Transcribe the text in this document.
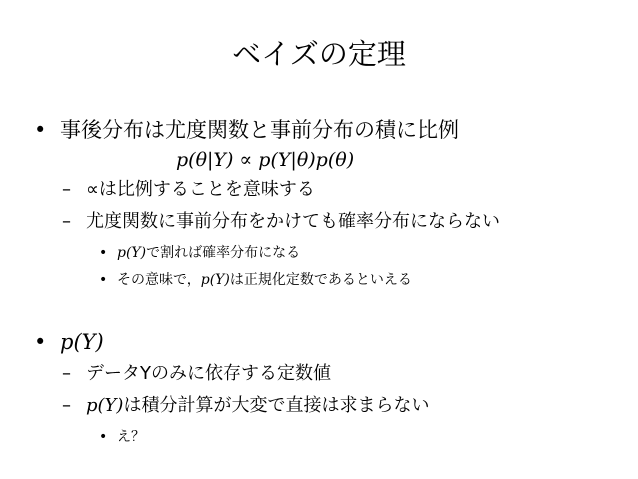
ベイズの定理
• 事後分布は尤度関数と事前分布の積に比例
p(θ|Y) ∝ p(Y|θ)p(θ)
– ∝は比例することを意味する
– 尤度関数に事前分布をかけても確率分布にならない
• p(Y)で割れば確率分布になる
• その意味で，p(Y)は正規化定数であるといえる
• p(Y)
– データYのみに依存する定数値
– p(Y)は積分計算が大変で直接は求まらない
• え？
